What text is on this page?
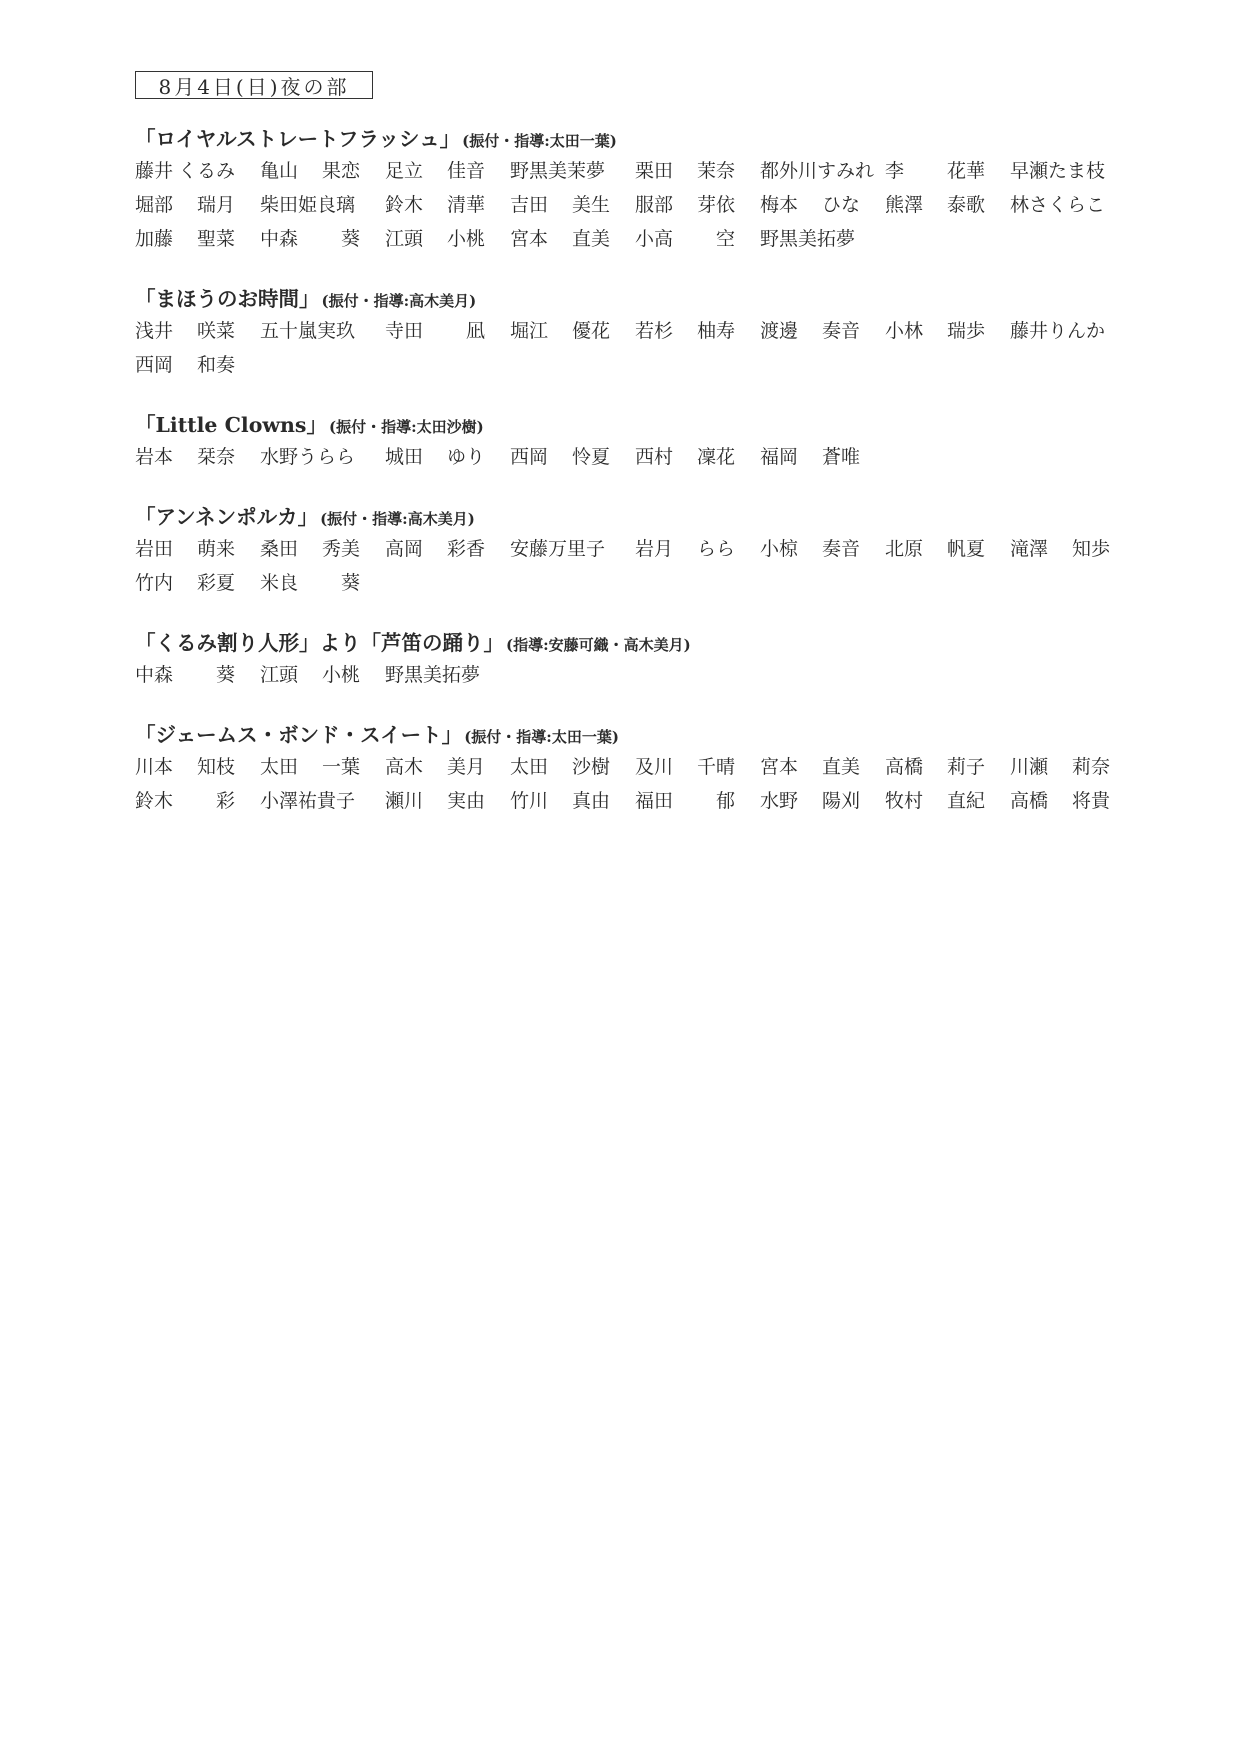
8月4日(日)夜の部
「ロイヤルストレートフラッシュ」 (振付・指導:太田一葉)
藤井 くるみ 亀山 果恋 足立 佳音 野黒美茉夢 栗田 茉奈 都外川すみれ 李 花華 早瀬たま枝
堀部 瑞月 柴田姫良璃 鈴木 清華 吉田 美生 服部 芽依 梅本 ひな 熊澤 泰歌 林さくらこ
加藤 聖菜 中森 葵 江頭 小桃 宮本 直美 小高 空 野黒美拓夢
「まほうのお時間」 (振付・指導:高木美月)
浅井 咲菜 五十嵐実玖 寺田 凪 堀江 優花 若杉 柚寿 渡邊 奏音 小林 瑞歩 藤井りんか
西岡 和奏
「Little Clowns」 (振付・指導:太田沙樹)
岩本 栞奈 水野うらら 城田 ゆり 西岡 怜夏 西村 凜花 福岡 蒼唯
「アンネンポルカ」 (振付・指導:高木美月)
岩田 萌来 桑田 秀美 高岡 彩香 安藤万里子 岩月 らら 小椋 奏音 北原 帆夏 滝澤 知歩
竹内 彩夏 米良 葵
「くるみ割り人形」より「芦笛の踊り」 (指導:安藤可織・高木美月)
中森 葵 江頭 小桃 野黒美拓夢
「ジェームス・ボンド・スイート」 (振付・指導:太田一葉)
川本 知枝 太田 一葉 高木 美月 太田 沙樹 及川 千晴 宮本 直美 高橋 莉子 川瀬 莉奈
鈴木 彩 小澤祐貴子 瀬川 実由 竹川 真由 福田 郁 水野 陽刈 牧村 直紀 高橋 将貴
